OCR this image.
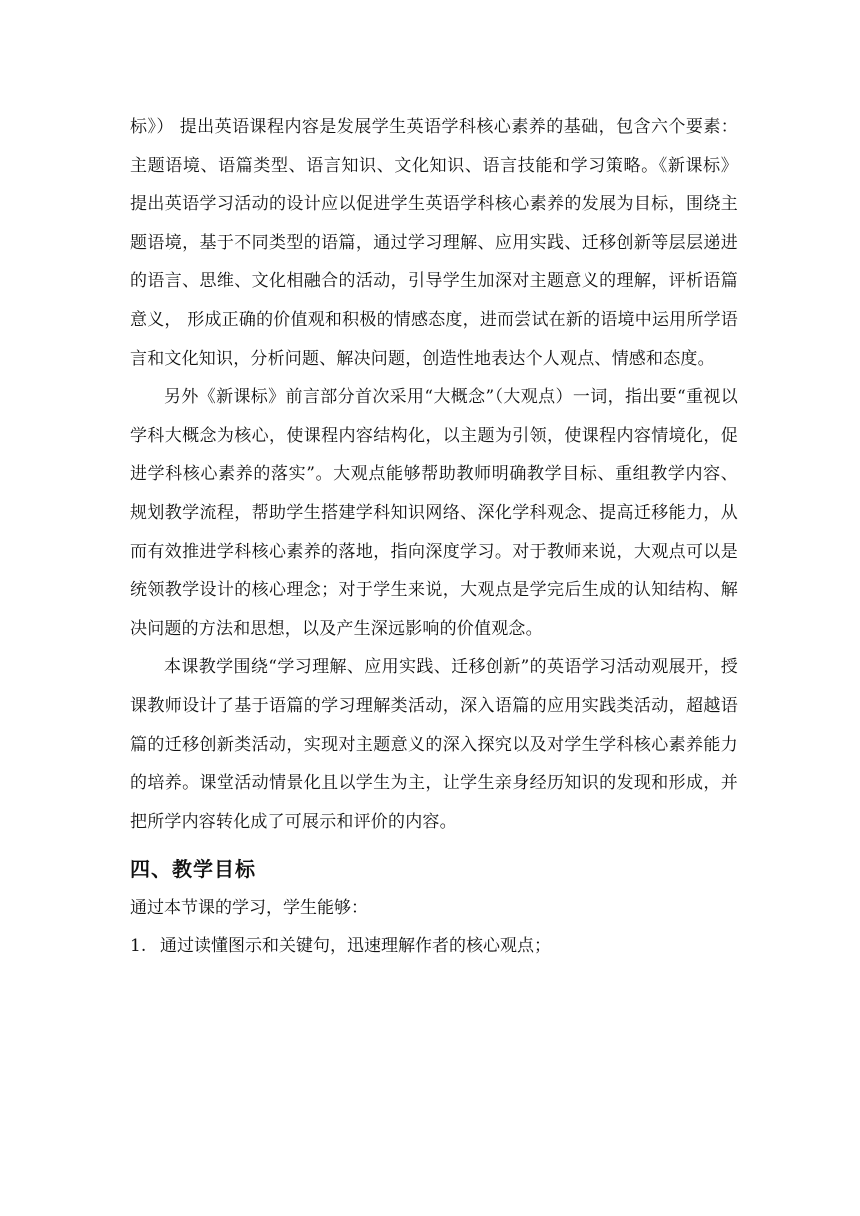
标》） 提出英语课程内容是发展学生英语学科核心素养的基础，包含六个要素：主题语境、语篇类型、语言知识、文化知识、语言技能和学习策略。《新课标》提出英语学习活动的设计应以促进学生英语学科核心素养的发展为目标，围绕主题语境，基于不同类型的语篇，通过学习理解、应用实践、迁移创新等层层递进的语言、思维、文化相融合的活动，引导学生加深对主题意义的理解，评析语篇意义， 形成正确的价值观和积极的情感态度，进而尝试在新的语境中运用所学语言和文化知识，分析问题、解决问题，创造性地表达个人观点、情感和态度。

另外《新课标》前言部分首次采用“大概念”（大观点）一词，指出要“重视以学科大概念为核心，使课程内容结构化，以主题为引领，使课程内容情境化，促进学科核心素养的落实”。大观点能够帮助教师明确教学目标、重组教学内容、规划教学流程，帮助学生搭建学科知识网络、深化学科观念、提高迁移能力，从而有效推进学科核心素养的落地，指向深度学习。对于教师来说，大观点可以是统领教学设计的核心理念；对于学生来说，大观点是学完后生成的认知结构、解决问题的方法和思想，以及产生深远影响的价值观念。

本课教学围绕“学习理解、应用实践、迁移创新”的英语学习活动观展开，授课教师设计了基于语篇的学习理解类活动，深入语篇的应用实践类活动，超越语篇的迁移创新类活动，实现对主题意义的深入探究以及对学生学科核心素养能力的培养。课堂活动情景化且以学生为主，让学生亲身经历知识的发现和形成，并把所学内容转化成了可展示和评价的内容。

四、教学目标

通过本节课的学习，学生能够：

1. 通过读懂图示和关键句，迅速理解作者的核心观点；
